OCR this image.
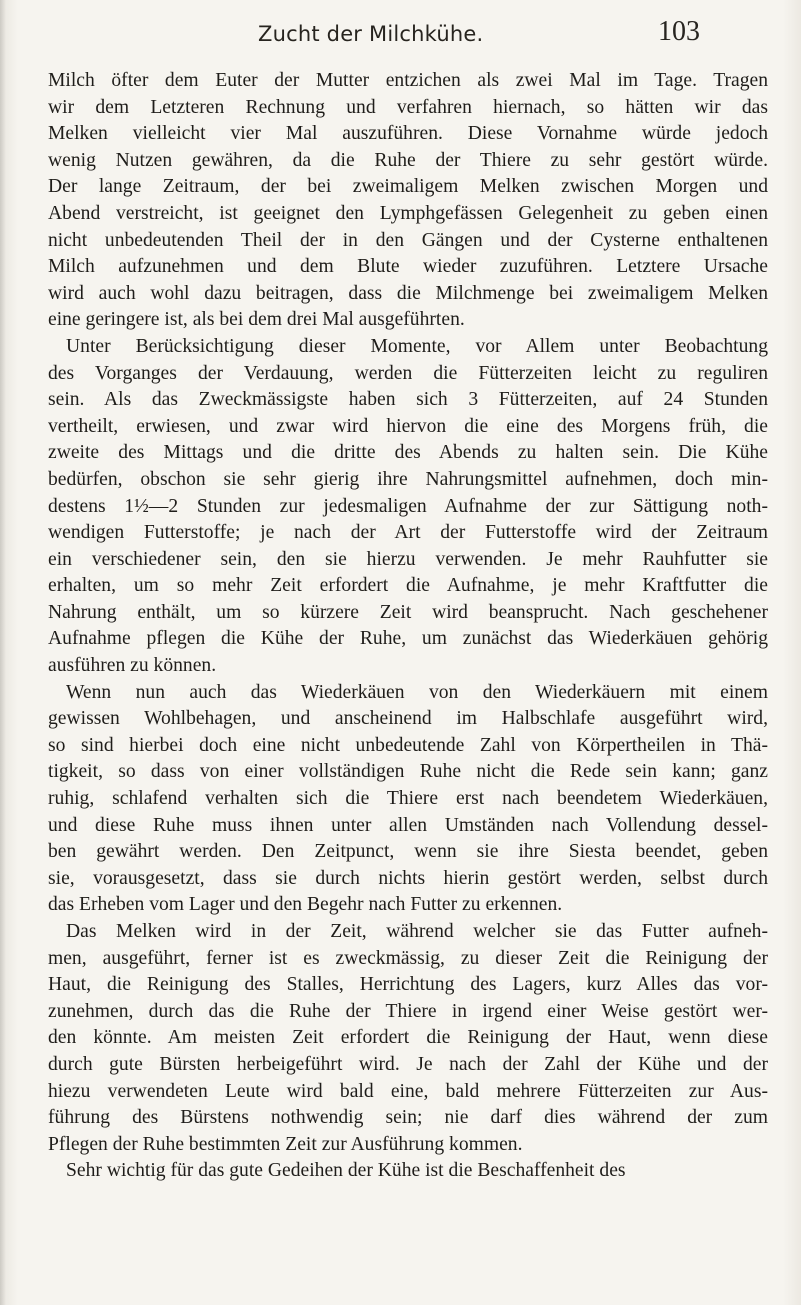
Zucht der Milchkühe.	103
Milch öfter dem Euter der Mutter entzichen als zwei Mal im Tage. Tragen
wir dem Letzteren Rechnung und verfahren hiernach, so hätten wir das
Melken vielleicht vier Mal auszuführen. Diese Vornahme würde jedoch
wenig Nutzen gewähren, da die Ruhe der Thiere zu sehr gestört würde.
Der lange Zeitraum, der bei zweimaligem Melken zwischen Morgen und
Abend verstreicht, ist geeignet den Lymphgefässen Gelegenheit zu geben einen
nicht unbedeutenden Theil der in den Gängen und der Cysterne enthaltenen
Milch aufzunehmen und dem Blute wieder zuzuführen. Letztere Ursache
wird auch wohl dazu beitragen, dass die Milchmenge bei zweimaligem Melken
eine geringere ist, als bei dem drei Mal ausgeführten.
Unter Berücksichtigung dieser Momente, vor Allem unter Beobachtung
des Vorganges der Verdauung, werden die Fütterzeiten leicht zu reguliren
sein. Als das Zweckmässigste haben sich 3 Fütterzeiten, auf 24 Stunden
vertheilt, erwiesen, und zwar wird hiervon die eine des Morgens früh, die
zweite des Mittags und die dritte des Abends zu halten sein. Die Kühe
bedürfen, obschon sie sehr gierig ihre Nahrungsmittel aufnehmen, doch min-
destens 1½—2 Stunden zur jedesmaligen Aufnahme der zur Sättigung noth-
wendigen Futterstoffe; je nach der Art der Futterstoffe wird der Zeitraum
ein verschiedener sein, den sie hierzu verwenden. Je mehr Rauhfutter sie
erhalten, um so mehr Zeit erfordert die Aufnahme, je mehr Kraftfutter die
Nahrung enthält, um so kürzere Zeit wird beansprucht. Nach geschehener
Aufnahme pflegen die Kühe der Ruhe, um zunächst das Wiederkäuen gehörig
ausführen zu können.
Wenn nun auch das Wiederkäuen von den Wiederkäuern mit einem
gewissen Wohlbehagen, und anscheinend im Halbschlafe ausgeführt wird,
so sind hierbei doch eine nicht unbedeutende Zahl von Körpertheilen in Thä-
tigkeit, so dass von einer vollständigen Ruhe nicht die Rede sein kann; ganz
ruhig, schlafend verhalten sich die Thiere erst nach beendetem Wiederkäuen,
und diese Ruhe muss ihnen unter allen Umständen nach Vollendung dessel-
ben gewährt werden. Den Zeitpunct, wenn sie ihre Siesta beendet, geben
sie, vorausgesetzt, dass sie durch nichts hierin gestört werden, selbst durch
das Erheben vom Lager und den Begehr nach Futter zu erkennen.
Das Melken wird in der Zeit, während welcher sie das Futter aufneh-
men, ausgeführt, ferner ist es zweckmässig, zu dieser Zeit die Reinigung der
Haut, die Reinigung des Stalles, Herrichtung des Lagers, kurz Alles das vor-
zunehmen, durch das die Ruhe der Thiere in irgend einer Weise gestört wer-
den könnte. Am meisten Zeit erfordert die Reinigung der Haut, wenn diese
durch gute Bürsten herbeigeführt wird. Je nach der Zahl der Kühe und der
hiezu verwendeten Leute wird bald eine, bald mehrere Fütterzeiten zur Aus-
führung des Bürstens nothwendig sein; nie darf dies während der zum
Pflegen der Ruhe bestimmten Zeit zur Ausführung kommen.
Sehr wichtig für das gute Gedeihen der Kühe ist die Beschaffenheit des
